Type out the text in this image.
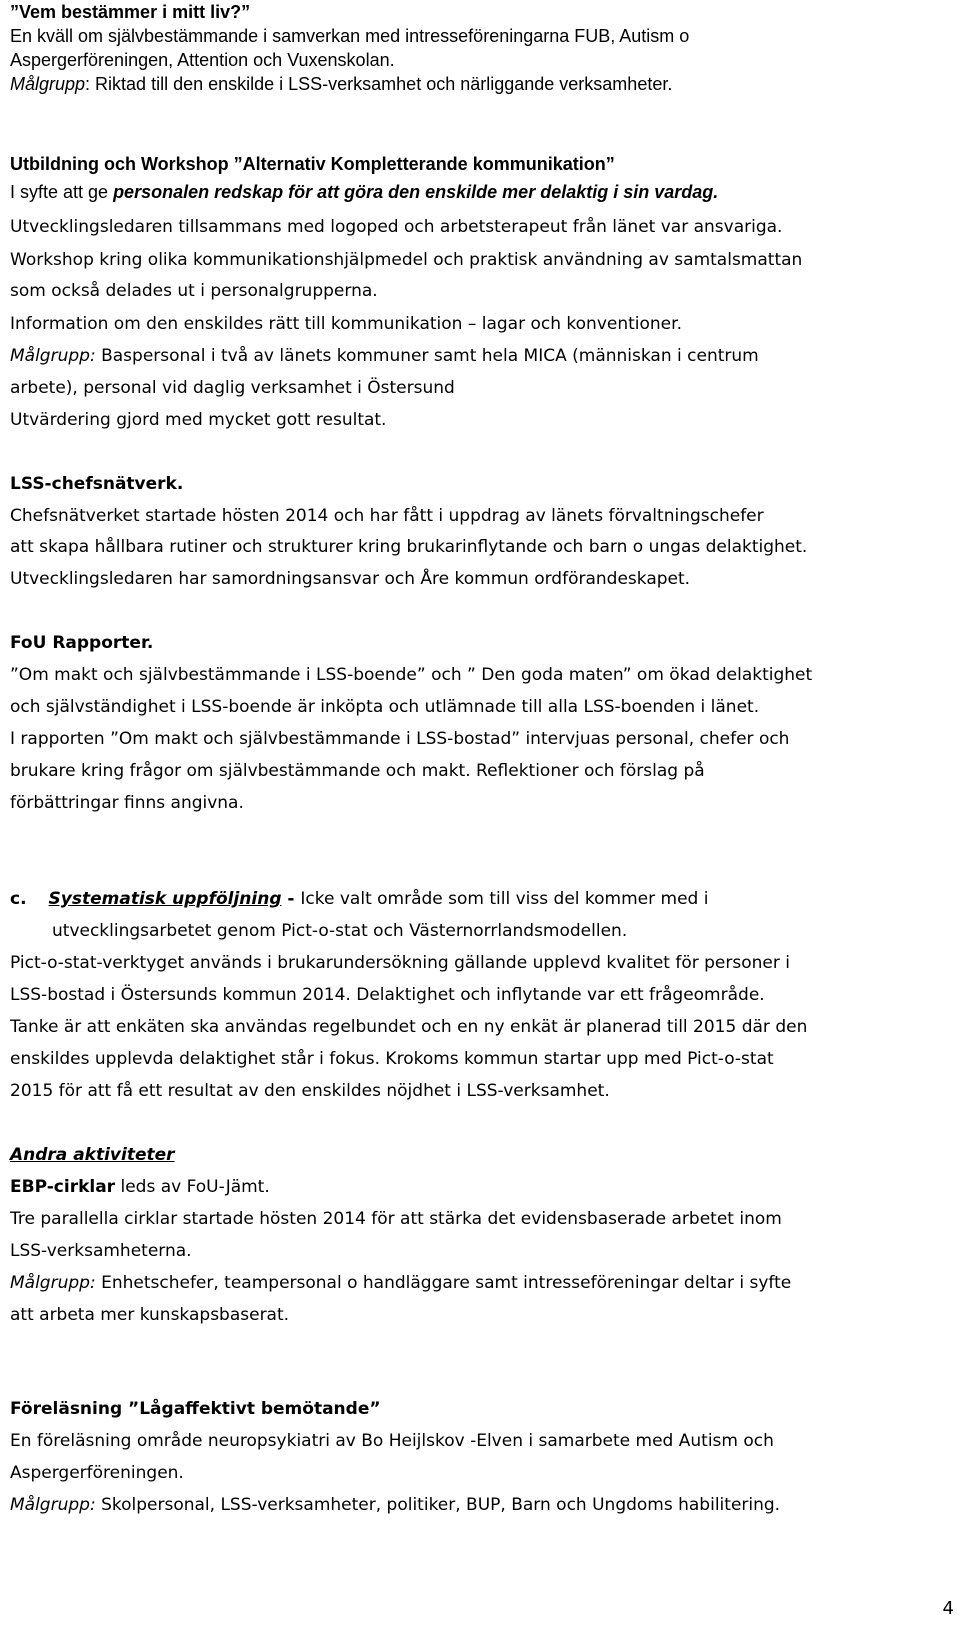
”Vem bestämmer i mitt liv?”
En kväll om självbestämmande i samverkan med intresseföreningarna FUB, Autism o
Aspergerföreningen, Attention och Vuxenskolan.
Målgrupp: Riktad till den enskilde i LSS-verksamhet och närliggande verksamheter.
Utbildning och Workshop ”Alternativ Kompletterande kommunikation”
I syfte att ge personalen redskap för att göra den enskilde mer delaktig i sin vardag.
Utvecklingsledaren tillsammans med logoped och arbetsterapeut från länet var ansvariga.
Workshop kring olika kommunikationshjälpmedel och praktisk användning av samtalsmattan
som också delades ut i personalgrupperna.
Information om den enskildes rätt till kommunikation – lagar och konventioner.
Målgrupp: Baspersonal i två av länets kommuner samt hela MICA (människan i centrum
arbete), personal vid daglig verksamhet i Östersund
Utvärdering gjord med mycket gott resultat.
LSS-chefsnätverk.
Chefsnätverket startade hösten 2014 och har fått i uppdrag av länets förvaltningschefer
att skapa hållbara rutiner och strukturer kring brukarinflytande och barn o ungas delaktighet.
Utvecklingsledaren har samordningsansvar och Åre kommun ordförandeskapet.
FoU Rapporter.
”Om makt och självbestämmande i LSS-boende” och ” Den goda maten” om ökad delaktighet
och självständighet i LSS-boende är inköpta och utlämnade till alla LSS-boenden i länet.
I rapporten ”Om makt och självbestämmande i LSS-bostad” intervjuas personal, chefer och
brukare kring frågor om självbestämmande och makt. Reflektioner och förslag på
förbättringar finns angivna.
c. Systematisk uppföljning - Icke valt område som till viss del kommer med i
utvecklingsarbetet genom Pict-o-stat och Västernorrlandsmodellen.
Pict-o-stat-verktyget används i brukarundersökning gällande upplevd kvalitet för personer i
LSS-bostad i Östersunds kommun 2014. Delaktighet och inflytande var ett frågeområde.
Tanke är att enkäten ska användas regelbundet och en ny enkät är planerad till 2015 där den
enskildes upplevda delaktighet står i fokus. Krokoms kommun startar upp med Pict-o-stat
2015 för att få ett resultat av den enskildes nöjdhet i LSS-verksamhet.
Andra aktiviteter
EBP-cirklar leds av FoU-Jämt.
Tre parallella cirklar startade hösten 2014 för att stärka det evidensbaserade arbetet inom
LSS-verksamheterna.
Målgrupp: Enhetschefer, teampersonal o handläggare samt intresseföreningar deltar i syfte
att arbeta mer kunskapsbaserat.
Föreläsning ”Lågaffektivt bemötande”
En föreläsning område neuropsykiatri av Bo Heijlskov -Elven i samarbete med Autism och
Aspergerföreningen.
Målgrupp: Skolpersonal, LSS-verksamheter, politiker, BUP, Barn och Ungdoms habilitering.
4
